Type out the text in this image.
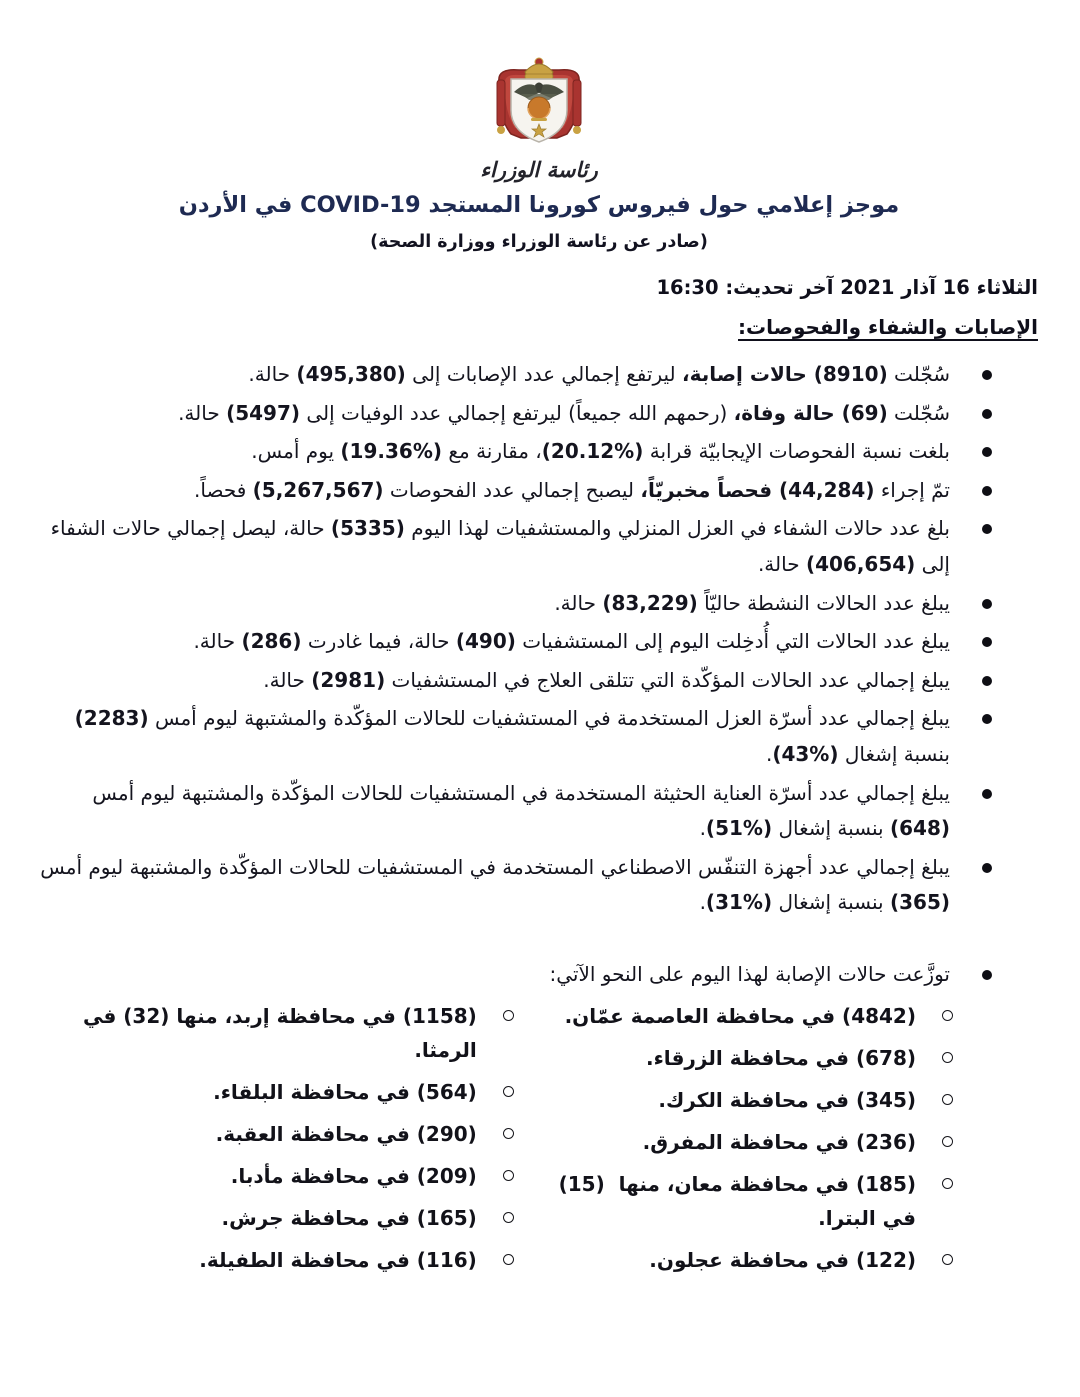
رئاسة الوزراء
موجز إعلامي حول فيروس كورونا المستجد COVID-19 في الأردن
(صادر عن رئاسة الوزراء ووزارة الصحة)
الثلاثاء 16 آذار 2021 آخر تحديث: 16:30
الإصابات والشفاء والفحوصات:
سُجّلت (8910) حالات إصابة، ليرتفع إجمالي عدد الإصابات إلى (495,380) حالة.
سُجّلت (69) حالة وفاة، (رحمهم الله جميعاً) ليرتفع إجمالي عدد الوفيات إلى (5497) حالة.
بلغت نسبة الفحوصات الإيجابيّة قرابة (%20.12)، مقارنة مع (%19.36) يوم أمس.
تمّ إجراء (44,284) فحصاً مخبريّاً، ليصبح إجمالي عدد الفحوصات (5,267,567) فحصاً.
بلغ عدد حالات الشفاء في العزل المنزلي والمستشفيات لهذا اليوم (5335) حالة، ليصل إجمالي حالات الشفاء إلى (406,654) حالة.
يبلغ عدد الحالات النشطة حاليّاً (83,229) حالة.
يبلغ عدد الحالات التي أُدخِلت اليوم إلى المستشفيات (490) حالة، فيما غادرت (286) حالة.
يبلغ إجمالي عدد الحالات المؤكّدة التي تتلقى العلاج في المستشفيات (2981) حالة.
يبلغ إجمالي عدد أسرّة العزل المستخدمة في المستشفيات للحالات المؤكّدة والمشتبهة ليوم أمس (2283) بنسبة إشغال (%43).
يبلغ إجمالي عدد أسرّة العناية الحثيثة المستخدمة في المستشفيات للحالات المؤكّدة والمشتبهة ليوم أمس (648) بنسبة إشغال (%51).
يبلغ إجمالي عدد أجهزة التنفّس الاصطناعي المستخدمة في المستشفيات للحالات المؤكّدة والمشتبهة ليوم أمس (365) بنسبة إشغال (%31).
توزَّعت حالات الإصابة لهذا اليوم على النحو الآتي:
(4842) في محافظة العاصمة عمّان.
(678) في محافظة الزرقاء.
(345) في محافظة الكرك.
(236) في محافظة المفرق.
(185) في محافظة معان، منها  (15) في البترا.
(122) في محافظة عجلون.
(1158) في محافظة إربد، منها (32) في الرمثا.
(564) في محافظة البلقاء.
(290) في محافظة العقبة.
(209) في محافظة مأدبا.
(165) في محافظة جرش.
(116) في محافظة الطفيلة.
